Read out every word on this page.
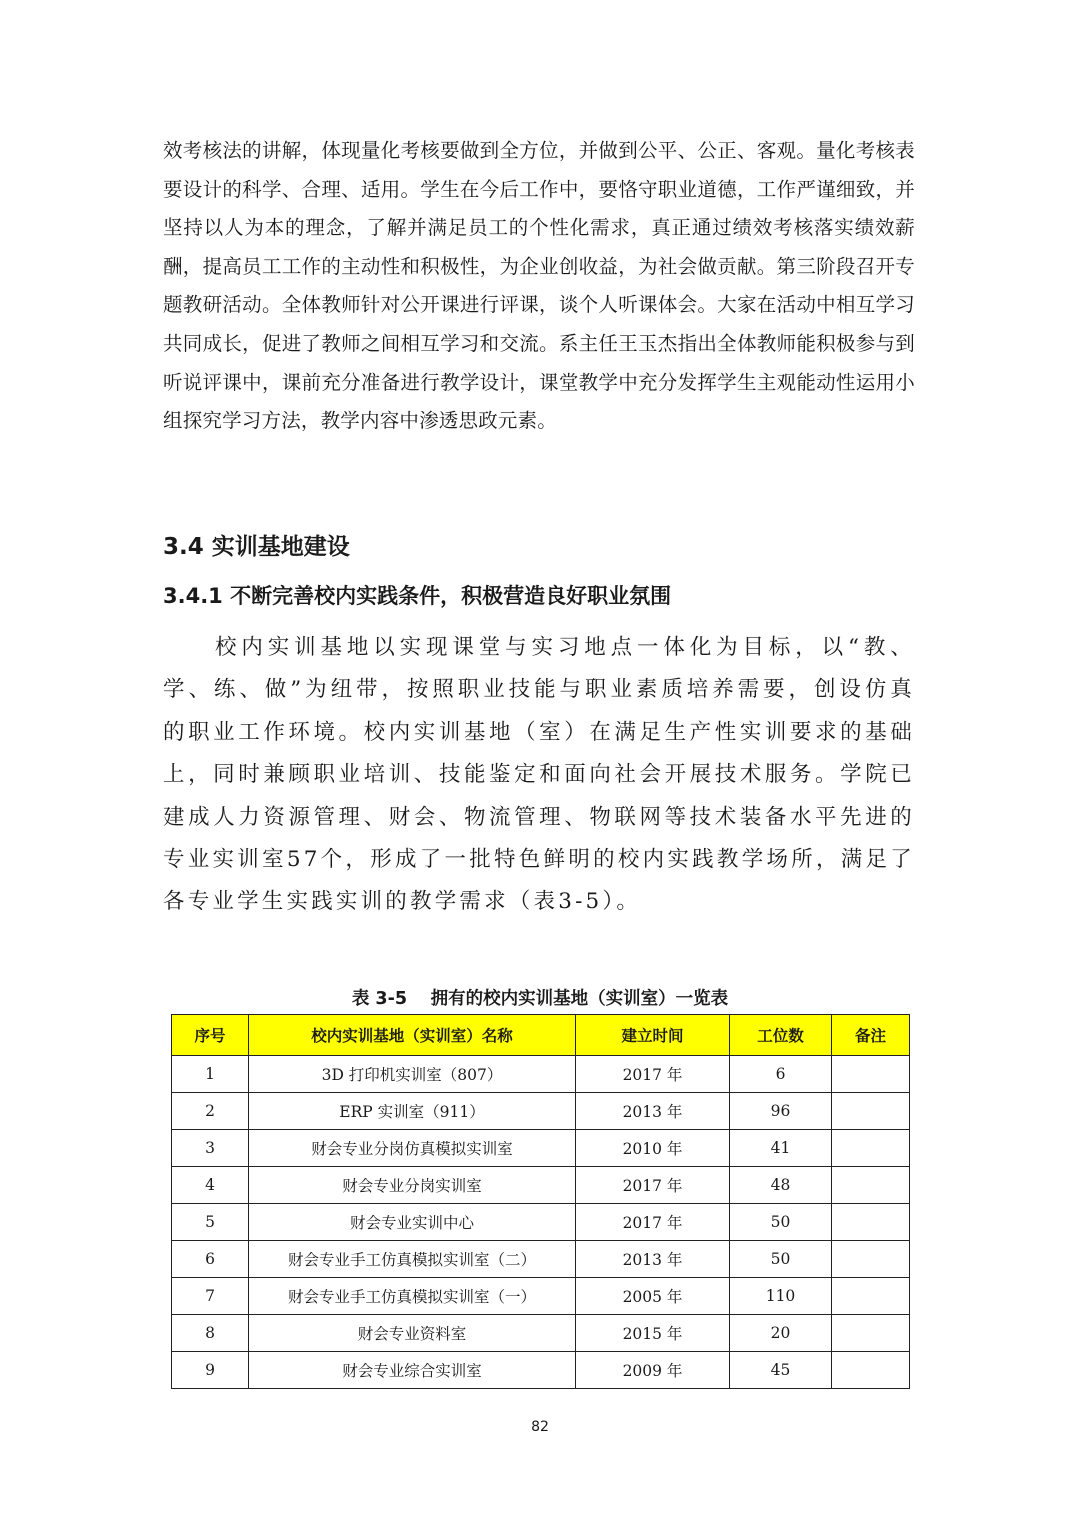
效考核法的讲解，体现量化考核要做到全方位，并做到公平、公正、客观。量化考核表要设计的科学、合理、适用。学生在今后工作中，要恪守职业道德，工作严谨细致，并坚持以人为本的理念，了解并满足员工的个性化需求，真正通过绩效考核落实绩效薪酬，提高员工工作的主动性和积极性，为企业创收益，为社会做贡献。第三阶段召开专题教研活动。全体教师针对公开课进行评课，谈个人听课体会。大家在活动中相互学习共同成长，促进了教师之间相互学习和交流。系主任王玉杰指出全体教师能积极参与到听说评课中，课前充分准备进行教学设计，课堂教学中充分发挥学生主观能动性运用小组探究学习方法，教学内容中渗透思政元素。

3.4 实训基地建设
3.4.1 不断完善校内实践条件，积极营造良好职业氛围

校内实训基地以实现课堂与实习地点一体化为目标，以“教、学、练、做”为纽带，按照职业技能与职业素质培养需要，创设仿真的职业工作环境。校内实训基地（室）在满足生产性实训要求的基础上，同时兼顾职业培训、技能鉴定和面向社会开展技术服务。学院已建成人力资源管理、财会、物流管理、物联网等技术装备水平先进的专业实训室57个，形成了一批特色鲜明的校内实践教学场所，满足了各专业学生实践实训的教学需求（表3-5）。

表 3-5　 拥有的校内实训基地（实训室）一览表

序号	校内实训基地（实训室）名称	建立时间	工位数	备注
1	3D 打印机实训室（807）	2017 年	6	
2	ERP 实训室（911）	2013 年	96	
3	财会专业分岗仿真模拟实训室	2010 年	41	
4	财会专业分岗实训室	2017 年	48	
5	财会专业实训中心	2017 年	50	
6	财会专业手工仿真模拟实训室（二）	2013 年	50	
7	财会专业手工仿真模拟实训室（一）	2005 年	110	
8	财会专业资料室	2015 年	20	
9	财会专业综合实训室	2009 年	45	

82
